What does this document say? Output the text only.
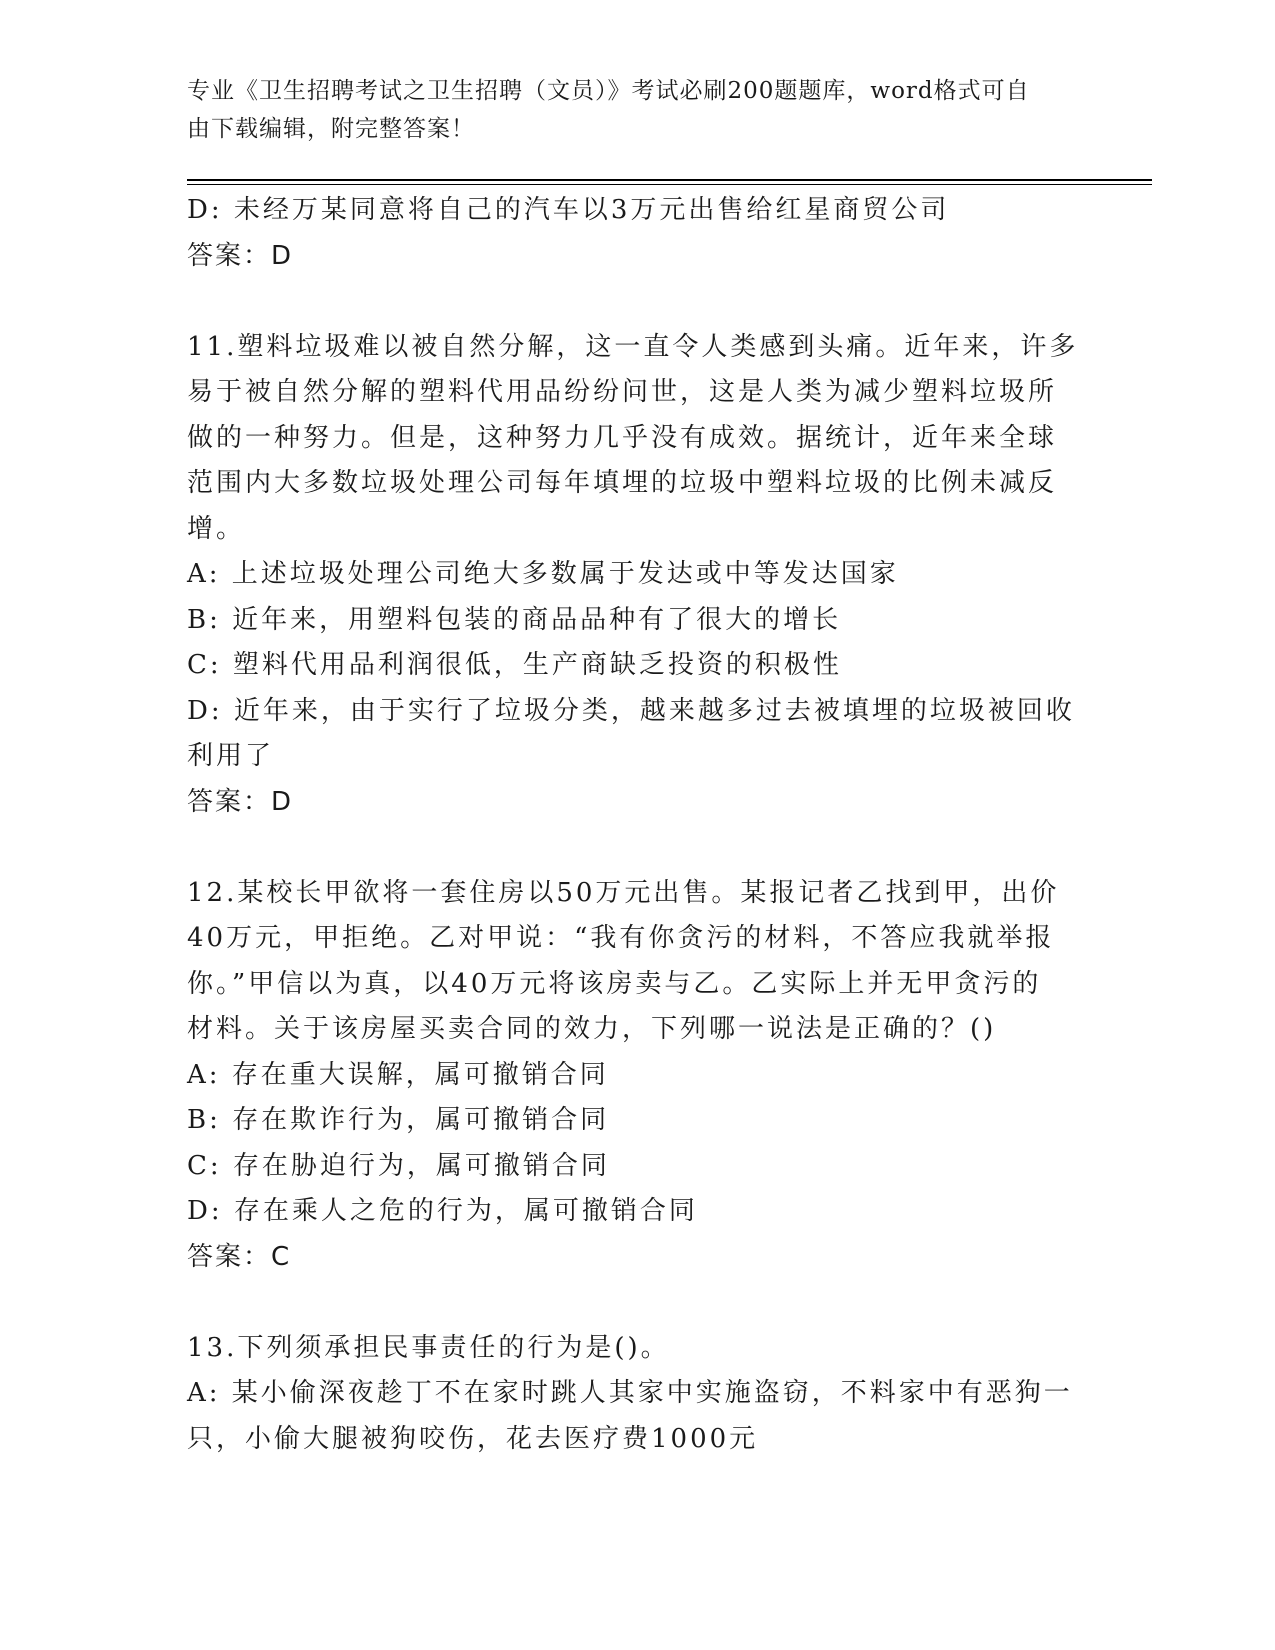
专业《卫生招聘考试之卫生招聘（文员）》考试必刷200题题库，word格式可自
由下载编辑，附完整答案！
D: 未经万某同意将自己的汽车以3万元出售给红星商贸公司
答案：D
11.塑料垃圾难以被自然分解，这一直令人类感到头痛。近年来，许多
易于被自然分解的塑料代用品纷纷问世，这是人类为减少塑料垃圾所
做的一种努力。但是，这种努力几乎没有成效。据统计，近年来全球
范围内大多数垃圾处理公司每年填埋的垃圾中塑料垃圾的比例未减反
增。
A: 上述垃圾处理公司绝大多数属于发达或中等发达国家
B: 近年来，用塑料包装的商品品种有了很大的增长
C: 塑料代用品利润很低，生产商缺乏投资的积极性
D: 近年来，由于实行了垃圾分类，越来越多过去被填埋的垃圾被回收
利用了
答案：D
12.某校长甲欲将一套住房以50万元出售。某报记者乙找到甲，出价
40万元，甲拒绝。乙对甲说：“我有你贪污的材料，不答应我就举报
你。”甲信以为真，以40万元将该房卖与乙。乙实际上并无甲贪污的
材料。关于该房屋买卖合同的效力，下列哪一说法是正确的？()
A: 存在重大误解，属可撤销合同
B: 存在欺诈行为，属可撤销合同
C: 存在胁迫行为，属可撤销合同
D: 存在乘人之危的行为，属可撤销合同
答案：C
13.下列须承担民事责任的行为是()。
A: 某小偷深夜趁丁不在家时跳人其家中实施盗窃，不料家中有恶狗一
只，小偷大腿被狗咬伤，花去医疗费1000元
